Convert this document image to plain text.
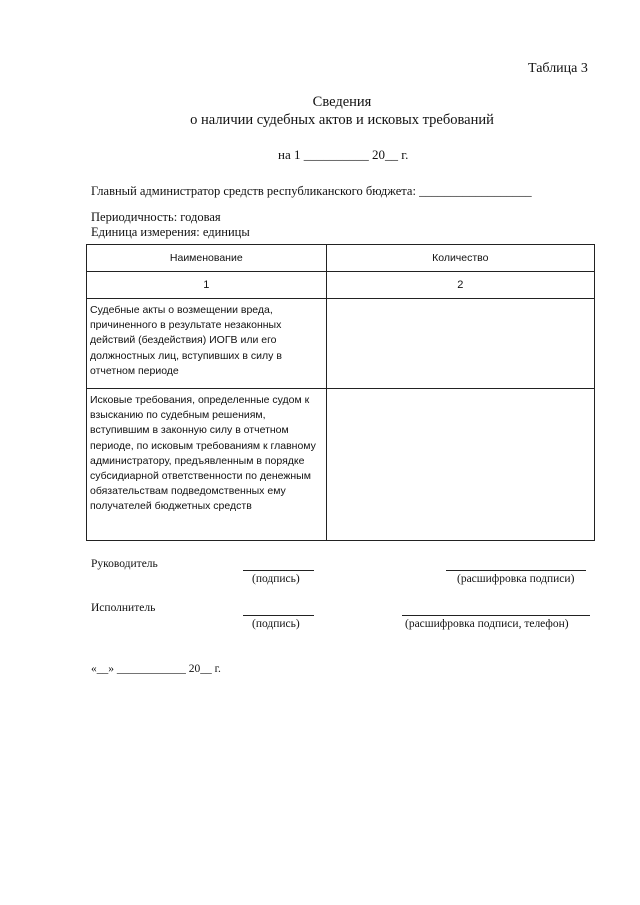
Таблица 3
Сведения
о наличии судебных актов и исковых требований
на 1 __________ 20__ г.
Главный администратор средств республиканского бюджета: __________________
Периодичность: годовая
Единица измерения: единицы
Наименование	Количество
1	2
Судебные акты о возмещении вреда, причиненного в результате незаконных действий (бездействия) ИОГВ или его должностных лиц, вступивших в силу в отчетном периоде	
Исковые требования, определенные судом к взысканию по судебным решениям, вступившим в законную силу в отчетном периоде, по исковым требованиям к главному администратору, предъявленным в порядке субсидиарной ответственности по денежным обязательствам подведомственных ему получателей бюджетных средств	
Руководитель
(подпись)	(расшифровка подписи)
Исполнитель
(подпись)	(расшифровка подписи, телефон)
«__» ____________ 20__ г.
